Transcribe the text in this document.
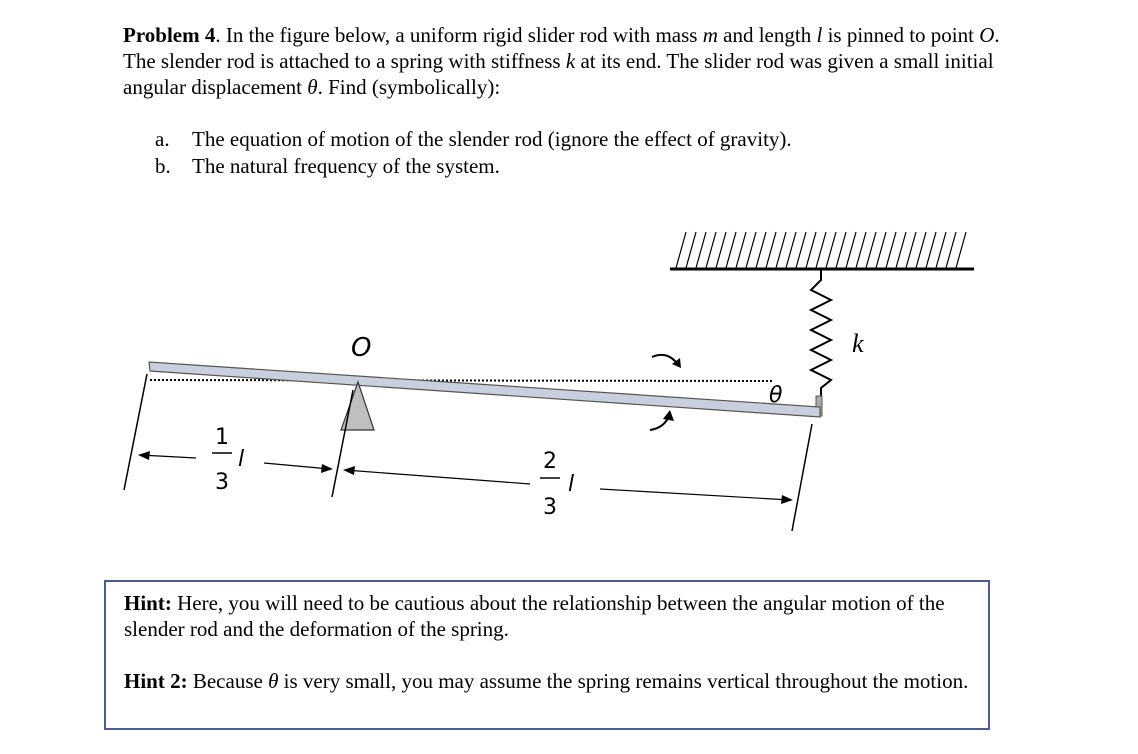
Problem 4. In the figure below, a uniform rigid slider rod with mass m and length l is pinned to point O. The slender rod is attached to a spring with stiffness k at its end. The slider rod was given a small initial angular displacement θ. Find (symbolically):
a.	The equation of motion of the slender rod (ignore the effect of gravity).
b.	The natural frequency of the system.
O	k
θ
1
3
l	2
3
l

Hint: Here, you will need to be cautious about the relationship between the angular motion of the slender rod and the deformation of the spring.

Hint 2: Because θ is very small, you may assume the spring remains vertical throughout the motion.
